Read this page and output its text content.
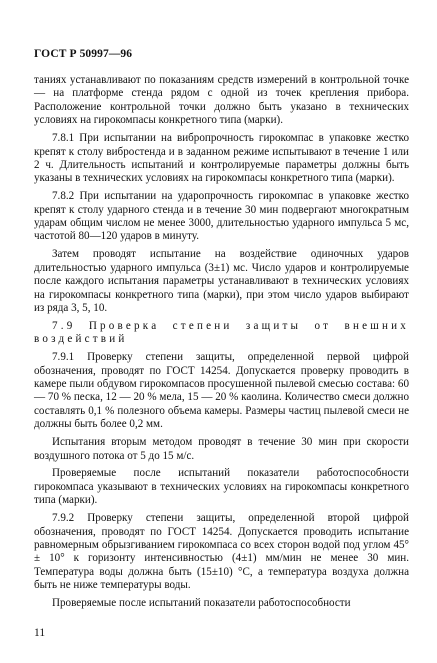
ГОСТ Р 50997—96

таниях устанавливают по показаниям средств измерений в контрольной точке — на платформе стенда рядом с одной из точек крепления прибора. Расположение контрольной точки должно быть указано в технических условиях на гирокомпасы конкретного типа (марки).

7.8.1 При испытании на вибропрочность гирокомпас в упаковке жестко крепят к столу вибростенда и в заданном режиме испытывают в течение 1 или 2 ч. Длительность испытаний и контролируемые параметры должны быть указаны в технических условиях на гирокомпасы конкретного типа (марки).

7.8.2 При испытании на ударопрочность гирокомпас в упаковке жестко крепят к столу ударного стенда и в течение 30 мин подвергают многократным ударам общим числом не менее 3000, длительностью ударного импульса 5 мс, частотой 80—120 ударов в минуту.

Затем проводят испытание на воздействие одиночных ударов длительностью ударного импульса (3±1) мс. Число ударов и контролируемые после каждого испытания параметры устанавливают в технических условиях на гирокомпасы конкретного типа (марки), при этом число ударов выбирают из ряда 3, 5, 10.

7.9 Проверка степени защиты от внешних воздействий

7.9.1 Проверку степени защиты, определенной первой цифрой обозначения, проводят по ГОСТ 14254. Допускается проверку проводить в камере пыли обдувом гирокомпасов просушенной пылевой смесью состава: 60 — 70 % песка, 12 — 20 % мела, 15 — 20 % каолина. Количество смеси должно составлять 0,1 % полезного объема камеры. Размеры частиц пылевой смеси не должны быть более 0,2 мм.

Испытания вторым методом проводят в течение 30 мин при скорости воздушного потока от 5 до 15 м/с.

Проверяемые после испытаний показатели работоспособности гирокомпаса указывают в технических условиях на гирокомпасы конкретного типа (марки).

7.9.2 Проверку степени защиты, определенной второй цифрой обозначения, проводят по ГОСТ 14254. Допускается проводить испытание равномерным обрызгиванием гирокомпаса со всех сторон водой под углом 45° ± 10° к горизонту интенсивностью (4±1) мм/мин не менее 30 мин. Температура воды должна быть (15±10) °С, а температура воздуха должна быть не ниже температуры воды.

Проверяемые после испытаний показатели работоспособности

11
